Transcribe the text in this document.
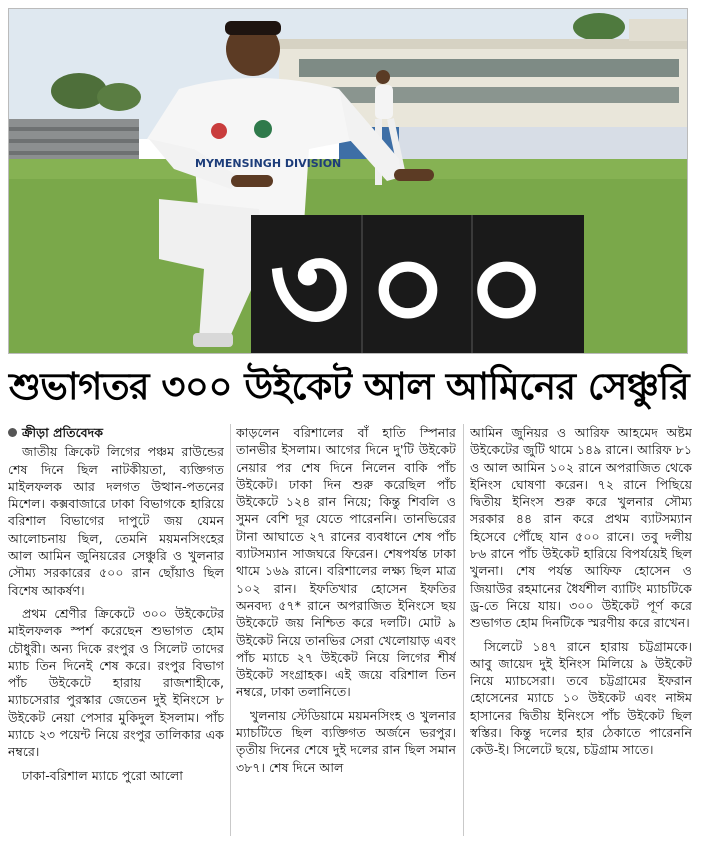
MYMENSINGH DIVISION
৩০০
শুভাগতর ৩০০ উইকেট আল আমিনের সেঞ্চুরি
ক্রীড়া প্রতিবেদক

জাতীয় ক্রিকেট লিগের পঞ্চম রাউন্ডের শেষ দিনে ছিল নাটকীয়তা, ব্যক্তিগত মাইলফলক আর দলগত উত্থান-পতনের মিশেল। কক্সবাজারে ঢাকা বিভাগকে হারিয়ে বরিশাল বিভাগের দাপুটে জয় যেমন আলোচনায় ছিল, তেমনি ময়মনসিংহের আল আমিন জুনিয়রের সেঞ্চুরি ও খুলনার সৌম্য সরকারের ৫০০ রান ছোঁয়াও ছিল বিশেষ আকর্ষণ।

প্রথম শ্রেণীর ক্রিকেটে ৩০০ উইকেটের মাইলফলক স্পর্শ করেছেন শুভাগত হোম চৌধুরী। অন্য দিকে রংপুর ও সিলেট তাদের ম্যাচ তিন দিনেই শেষ করে। রংপুর বিভাগ পাঁচ উইকেটে হারায় রাজশাহীকে, ম্যাচসেরার পুরস্কার জেতেন দুই ইনিংসে ৮ উইকেট নেয়া পেসার মুকিদুল ইসলাম। পাঁচ ম্যাচে ২৩ পয়েন্ট নিয়ে রংপুর তালিকার এক নম্বরে।

ঢাকা-বরিশাল ম্যাচে পুরো আলো

কাড়লেন বরিশালের বাঁ হাতি স্পিনার তানভীর ইসলাম। আগের দিনে দু'টি উইকেট নেয়ার পর শেষ দিনে নিলেন বাকি পাঁচ উইকেট। ঢাকা দিন শুরু করেছিল পাঁচ উইকেটে ১২৪ রান নিয়ে; কিন্তু শিবলি ও সুমন বেশি দূর যেতে পারেননি। তানভিরের টানা আঘাতে ২৭ রানের ব্যবধানে শেষ পাঁচ ব্যাটসম্যান সাজঘরে ফিরেন। শেষপর্যন্ত ঢাকা থামে ১৬৯ রানে। বরিশালের লক্ষ্য ছিল মাত্র ১০২ রান। ইফতিখার হোসেন ইফতির অনবদ্য ৫৭* রানে অপরাজিত ইনিংসে ছয় উইকেটে জয় নিশ্চিত করে দলটি। মোট ৯ উইকেট নিয়ে তানভির সেরা খেলোয়াড় এবং পাঁচ ম্যাচে ২৭ উইকেট নিয়ে লিগের শীর্ষ উইকেট সংগ্রাহক। এই জয়ে বরিশাল তিন নম্বরে, ঢাকা তলানিতে।

খুলনায় স্টেডিয়ামে ময়মনসিংহ ও খুলনার ম্যাচটিতে ছিল ব্যক্তিগত অর্জনে ভরপুর। তৃতীয় দিনের শেষে দুই দলের রান ছিল সমান ৩৮৭। শেষ দিনে আল

আমিন জুনিয়র ও আরিফ আহমেদ অষ্টম উইকেটের জুটি থামে ১৪৯ রানে। আরিফ ৮১ ও আল আমিন ১০২ রানে অপরাজিত থেকে ইনিংস ঘোষণা করেন। ৭২ রানে পিছিয়ে দ্বিতীয় ইনিংস শুরু করে খুলনার সৌম্য সরকার ৪৪ রান করে প্রথম ব্যাটসম্যান হিসেবে পৌঁছে যান ৫০০ রানে। তবু দলীয় ৮৬ রানে পাঁচ উইকেট হারিয়ে বিপর্যয়েই ছিল খুলনা। শেষ পর্যন্ত আফিফ হোসেন ও জিয়াউর রহমানের ধৈর্যশীল ব্যাটিং ম্যাচটিকে ড্র-তে নিয়ে যায়। ৩০০ উইকেট পূর্ণ করে শুভাগত হোম দিনটিকে স্মরণীয় করে রাখেন।

সিলেটে ১৪৭ রানে হারায় চট্টগ্রামকে। আবু জায়েদ দুই ইনিংস মিলিয়ে ৯ উইকেট নিয়ে ম্যাচসেরা। তবে চট্টগ্রামের ইফরান হোসেনের ম্যাচে ১০ উইকেট এবং নাঈম হাসানের দ্বিতীয় ইনিংসে পাঁচ উইকেট ছিল স্বস্তির। কিন্তু দলের হার ঠেকাতে পারেননি কেউ-ই। সিলেটে ছয়ে, চট্টগ্রাম সাতে।
